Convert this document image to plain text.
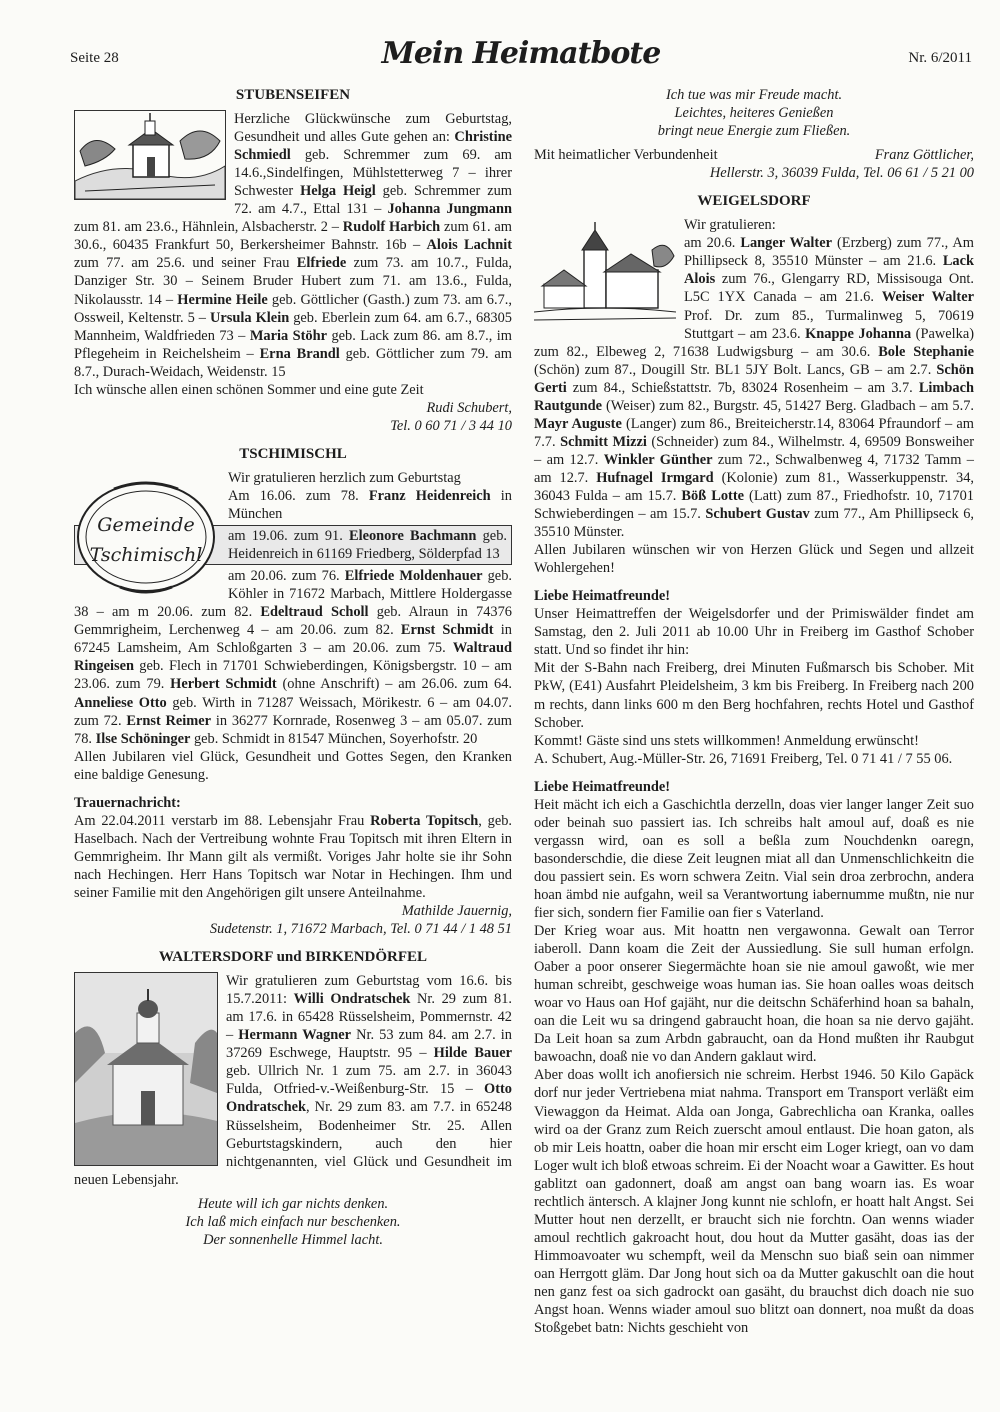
Seite 28	Mein Heimatbote	Nr. 6/2011
STUBENSEIFEN

Herzliche Glückwünsche zum Geburtstag, Gesundheit und alles Gute gehen an: Christine Schmiedl geb. Schremmer zum 69. am 14.6.,Sindelfingen, Mühlstetterweg 7 – ihrer Schwester Helga Heigl geb. Schremmer zum 72. am 4.7., Ettal 131 – Johanna Jungmann zum 81. am 23.6., Hähnlein, Alsbacherstr. 2 – Rudolf Harbich zum 61. am 30.6., 60435 Frankfurt 50, Berkersheimer Bahnstr. 16b – Alois Lachnit zum 77. am 25.6. und seiner Frau Elfriede zum 73. am 10.7., Fulda, Danziger Str. 30 – Seinem Bruder Hubert zum 71. am 13.6., Fulda, Nikolausstr. 14 – Hermine Heile geb. Göttlicher (Gasth.) zum 73. am 6.7., Ossweil, Keltenstr. 5 – Ursula Klein geb. Eberlein zum 64. am 6.7., 68305 Mannheim, Waldfrieden 73 – Maria Stöhr geb. Lack zum 86. am 8.7., im Pflegeheim in Reichelsheim – Erna Brandl geb. Göttlicher zum 79. am 8.7., Durach-Weidach, Weidenstr. 15

Ich wünsche allen einen schönen Sommer und eine gute Zeit

Rudi Schubert,

Tel. 0 60 71 / 3 44 10

TSCHIMISCHL
Gemeinde
Tschimischl

Wir gratulieren herzlich zum Geburtstag

Am 16.06. zum 78. Franz Heidenreich in München

am 19.06. zum 91. Eleonore Bachmann geb. Heidenreich in 61169 Friedberg, Sölderpfad 13

am 20.06. zum 76. Elfriede Moldenhauer geb. Köhler in 71672 Marbach, Mittlere Holdergasse 38 – am m 20.06. zum 82. Edeltraud Scholl geb. Alraun in 74376 Gemmrigheim, Lerchenweg 4 – am 20.06. zum 82. Ernst Schmidt in 67245 Lamsheim, Am Schloßgarten 3 – am 20.06. zum 75. Waltraud Ringeisen geb. Flech in 71701 Schwieberdingen, Königsbergstr. 10 – am 23.06. zum 79. Herbert Schmidt (ohne Anschrift) – am 26.06. zum 64. Anneliese Otto geb. Wirth in 71287 Weissach, Mörikestr. 6 – am 04.07. zum 72. Ernst Reimer in 36277 Kornrade, Rosenweg 3 – am 05.07. zum 78. Ilse Schöninger geb. Schmidt in 81547 München, Soyerhofstr. 20

Allen Jubilaren viel Glück, Gesundheit und Gottes Segen, den Kranken eine baldige Genesung.

Trauernachricht:

Am 22.04.2011 verstarb im 88. Lebensjahr Frau Roberta Topitsch, geb. Haselbach. Nach der Vertreibung wohnte Frau Topitsch mit ihren Eltern in Gemmrigheim. Ihr Mann gilt als vermißt. Voriges Jahr holte sie ihr Sohn nach Hechingen. Herr Hans Topitsch war Notar in Hechingen. Ihm und seiner Familie mit den Angehörigen gilt unsere Anteilnahme.

Mathilde Jauernig,

Sudetenstr. 1, 71672 Marbach, Tel. 0 71 44 / 1 48 51

WALTERSDORF und BIRKENDÖRFEL

Wir gratulieren zum Geburtstag vom 16.6. bis 15.7.2011: Willi Ondratschek Nr. 29 zum 81. am 17.6. in 65428 Rüsselsheim, Pommernstr. 42 – Hermann Wagner Nr. 53 zum 84. am 2.7. in 37269 Eschwege, Hauptstr. 95 – Hilde Bauer geb. Ullrich Nr. 1 zum 75. am 2.7. in 36043 Fulda, Otfried-v.-Weißenburg-Str. 15 – Otto Ondratschek, Nr. 29 zum 83. am 7.7. in 65248 Rüsselsheim, Bodenheimer Str. 25. Allen Geburtstagskindern, auch den hier nichtgenannten, viel Glück und Gesundheit im neuen Lebensjahr.

Heute will ich gar nichts denken.

Ich laß mich einfach nur beschenken.

Der sonnenhelle Himmel lacht.

Ich tue was mir Freude macht.

Leichtes, heiteres Genießen

bringt neue Energie zum Fließen.

Mit heimatlicher Verbundenheit	Franz Göttlicher,

Hellerstr. 3, 36039 Fulda, Tel. 06 61 / 5 21 00

WEIGELSDORF

Wir gratulieren:

am 20.6. Langer Walter (Erzberg) zum 77., Am Phillipseck 8, 35510 Münster – am 21.6. Lack Alois zum 76., Glengarry RD, Missisouga Ont. L5C 1YX Canada – am 21.6. Weiser Walter Prof. Dr. zum 85., Turmalinweg 5, 70619 Stuttgart – am 23.6. Knappe Johanna (Pawelka) zum 82., Elbeweg 2, 71638 Ludwigsburg – am 30.6. Bole Stephanie (Schön) zum 87., Dougill Str. BL1 5JY Bolt. Lancs, GB – am 2.7. Schön Gerti zum 84., Schießstattstr. 7b, 83024 Rosenheim – am 3.7. Limbach Rautgunde (Weiser) zum 82., Burgstr. 45, 51427 Berg. Gladbach – am 5.7. Mayr Auguste (Langer) zum 86., Breiteicherstr.14, 83064 Pfraundorf – am 7.7. Schmitt Mizzi (Schneider) zum 84., Wilhelmstr. 4, 69509 Bonsweiher – am 12.7. Winkler Günther zum 72., Schwalbenweg 4, 71732 Tamm – am 12.7. Hufnagel Irmgard (Kolonie) zum 81., Wasserkuppenstr. 34, 36043 Fulda – am 15.7. Böß Lotte (Latt) zum 87., Friedhofstr. 10, 71701 Schwieberdingen – am 15.7. Schubert Gustav zum 77., Am Phillipseck 6, 35510 Münster.

Allen Jubilaren wünschen wir von Herzen Glück und Segen und allzeit Wohlergehen!

Liebe Heimatfreunde!

Unser Heimattreffen der Weigelsdorfer und der Primiswälder findet am Samstag, den 2. Juli 2011 ab 10.00 Uhr in Freiberg im Gasthof Schober statt. Und so findet ihr hin:

Mit der S-Bahn nach Freiberg, drei Minuten Fußmarsch bis Schober. Mit PkW, (E41) Ausfahrt Pleidelsheim, 3 km bis Freiberg. In Freiberg nach 200 m rechts, dann links 600 m den Berg hochfahren, rechts Hotel und Gasthof Schober.

Kommt! Gäste sind uns stets willkommen! Anmeldung erwünscht!

A. Schubert, Aug.-Müller-Str. 26, 71691 Freiberg, Tel. 0 71 41 / 7 55 06.

Liebe Heimatfreunde!

Heit mächt ich eich a Gaschichtla derzelln, doas vier langer langer Zeit suo oder beinah suo passiert ias. Ich schreibs halt amoul auf, doaß es nie vergassn wird, oan es soll a beßla zum Nouchdenkn oaregn, basonderschdie, die diese Zeit leugnen miat all dan Unmenschlichkeitn die dou passiert sein. Es worn schwera Zeitn. Vial sein droa zerbrochn, andera hoan ämbd nie aufgahn, weil sa Verantwortung iabernumme mußtn, nie nur fier sich, sondern fier Familie oan fier s Vaterland.

Der Krieg woar aus. Mit hoattn nen vergawonna. Gewalt oan Terror iaberoll. Dann koam die Zeit der Aussiedlung. Sie sull human erfolgn. Oaber a poor onserer Siegermächte hoan sie nie amoul gawoßt, wie mer human schreibt, geschweige woas human ias. Sie hoan oalles woas deitsch woar vo Haus oan Hof gajäht, nur die deitschn Schäferhind hoan sa bahaln, oan die Leit wu sa dringend gabraucht hoan, die hoan sa nie dervo gajäht. Da Leit hoan sa zum Arbdn gabraucht, oan da Hond mußten ihr Raubgut bawoachn, doaß nie vo dan Andern gaklaut wird.

Aber doas wollt ich anofiersich nie schreim. Herbst 1946. 50 Kilo Gapäck dorf nur jeder Vertriebena miat nahma. Transport em Transport verläßt eim Viewaggon da Heimat. Alda oan Jonga, Gabrechlicha oan Kranka, oalles wird oa der Granz zum Reich zuerscht amoul entlaust. Die hoan gaton, als ob mir Leis hoattn, oaber die hoan mir erscht eim Loger kriegt, oan vo dam Loger wult ich bloß etwoas schreim. Ei der Noacht woar a Gawitter. Es hout gablitzt oan gadonnert, doaß am angst oan bang woarn ias. Es woar rechtlich äntersch. A klajner Jong kunnt nie schlofn, er hoatt halt Angst. Sei Mutter hout nen derzellt, er braucht sich nie forchtn. Oan wenns wiader amoul rechtlich gakroacht hout, dou hout da Mutter gasäht, doas ias der Himmoavoater wu schempft, weil da Menschn suo biaß sein oan nimmer oan Herrgott gläm. Dar Jong hout sich oa da Mutter gakuschlt oan die hout nen ganz fest oa sich gadrockt oan gasäht, du brauchst dich doach nie suo Angst hoan. Wenns wiader amoul suo blitzt oan donnert, noa mußt da doas Stoßgebet batn: Nichts geschieht von
